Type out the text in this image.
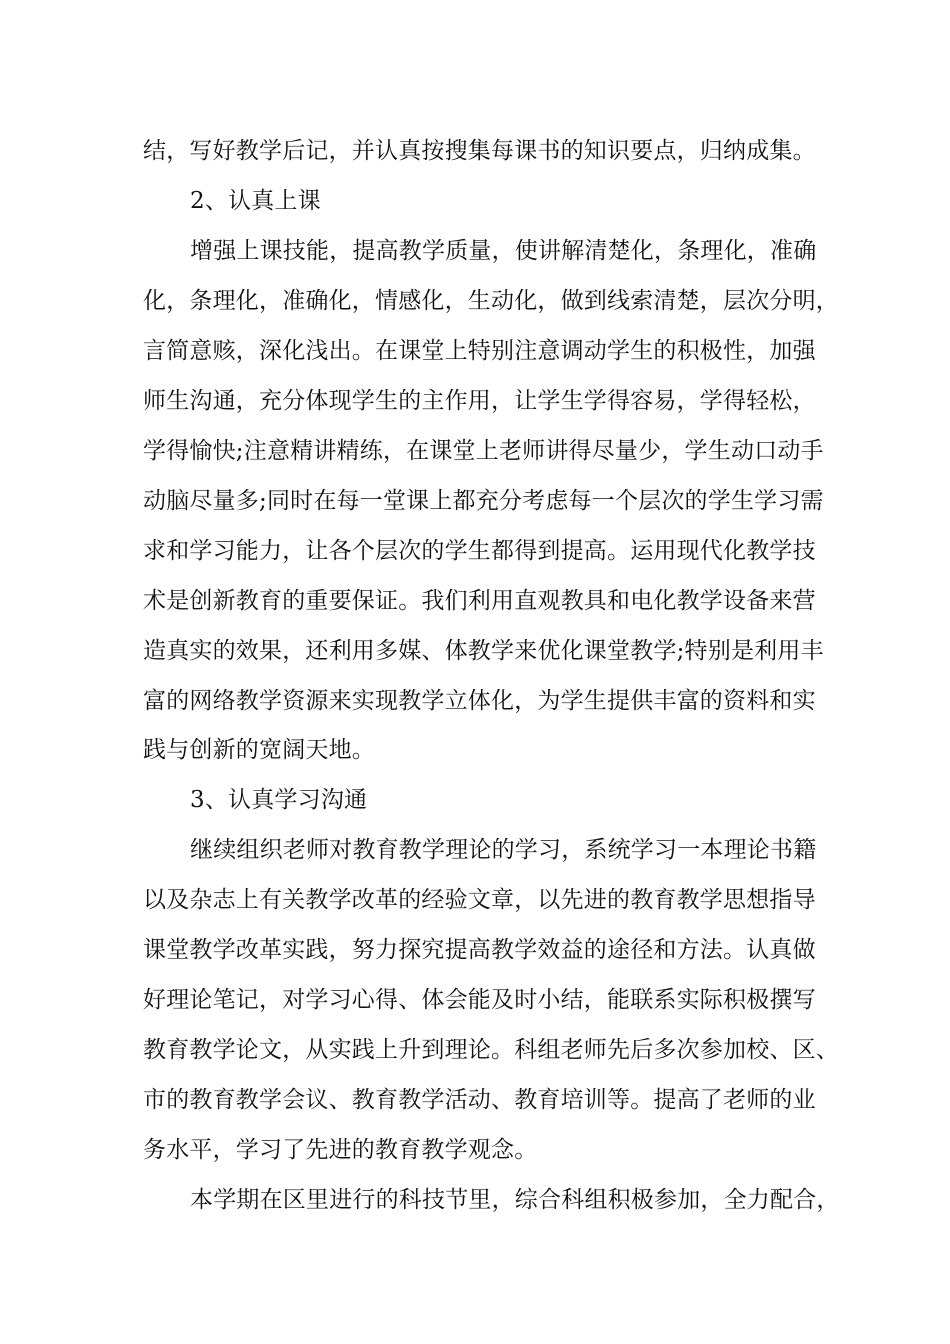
结，写好教学后记，并认真按搜集每课书的知识要点，归纳成集。
2、认真上课
增强上课技能，提高教学质量，使讲解清楚化，条理化，准确
化，条理化，准确化，情感化，生动化，做到线索清楚，层次分明，
言简意赅，深化浅出。在课堂上特别注意调动学生的积极性，加强
师生沟通，充分体现学生的主作用，让学生学得容易，学得轻松，
学得愉快;注意精讲精练，在课堂上老师讲得尽量少，学生动口动手
动脑尽量多;同时在每一堂课上都充分考虑每一个层次的学生学习需
求和学习能力，让各个层次的学生都得到提高。运用现代化教学技
术是创新教育的重要保证。我们利用直观教具和电化教学设备来营
造真实的效果，还利用多媒、体教学来优化课堂教学;特别是利用丰
富的网络教学资源来实现教学立体化，为学生提供丰富的资料和实
践与创新的宽阔天地。
3、认真学习沟通
继续组织老师对教育教学理论的学习，系统学习一本理论书籍
以及杂志上有关教学改革的经验文章，以先进的教育教学思想指导
课堂教学改革实践，努力探究提高教学效益的途径和方法。认真做
好理论笔记，对学习心得、体会能及时小结，能联系实际积极撰写
教育教学论文，从实践上升到理论。科组老师先后多次参加校、区、
市的教育教学会议、教育教学活动、教育培训等。提高了老师的业
务水平，学习了先进的教育教学观念。
本学期在区里进行的科技节里，综合科组积极参加，全力配合，
